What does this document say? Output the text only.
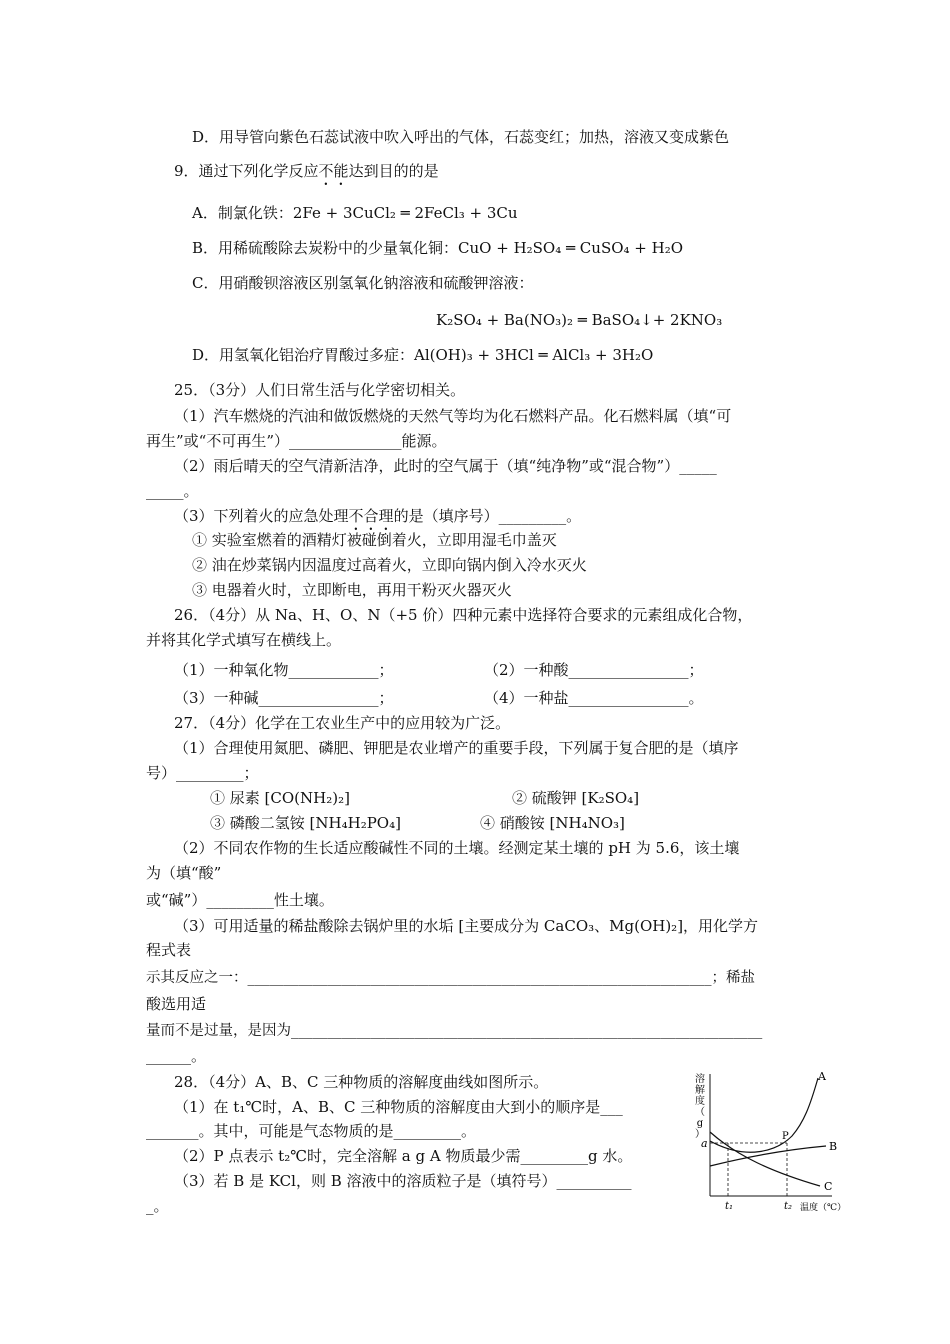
D．用导管向紫色石蕊试液中吹入呼出的气体，石蕊变红；加热，溶液又变成紫色
9．通过下列化学反应不能达到目的的是
A．制氯化铁：2Fe + 3CuCl₂ ═ 2FeCl₃ + 3Cu
B．用稀硫酸除去炭粉中的少量氧化铜：CuO + H₂SO₄ ═ CuSO₄ + H₂O
C．用硝酸钡溶液区别氢氧化钠溶液和硫酸钾溶液：
K₂SO₄ + Ba(NO₃)₂ ═ BaSO₄↓+ 2KNO₃
D．用氢氧化铝治疗胃酸过多症：Al(OH)₃ + 3HCl ═ AlCl₃ + 3H₂O
25．（3分）人们日常生活与化学密切相关。
（1）汽车燃烧的汽油和做饭燃烧的天然气等均为化石燃料产品。化石燃料属（填“可
再生”或“不可再生”）_______________能源。
（2）雨后晴天的空气清新洁净，此时的空气属于（填“纯净物”或“混合物”）_____
_____。
（3）下列着火的应急处理不合理的是（填序号）_________。
① 实验室燃着的酒精灯被碰倒着火，立即用湿毛巾盖灭
② 油在炒菜锅内因温度过高着火，立即向锅内倒入冷水灭火
③ 电器着火时，立即断电，再用干粉灭火器灭火
26．（4分）从 Na、H、O、N（+5 价）四种元素中选择符合要求的元素组成化合物，
并将其化学式填写在横线上。
（1）一种氧化物____________；	（2）一种酸________________；
（3）一种碱________________；	（4）一种盐________________。
27．（4分）化学在工农业生产中的应用较为广泛。
（1）合理使用氮肥、磷肥、钾肥是农业增产的重要手段，下列属于复合肥的是（填序
号）_________；
① 尿素 [CO(NH₂)₂]	② 硫酸钾 [K₂SO₄]
③ 磷酸二氢铵 [NH₄H₂PO₄]	④ 硝酸铵 [NH₄NO₃]
（2）不同农作物的生长适应酸碱性不同的土壤。经测定某土壤的 pH 为 5.6，该土壤
为（填“酸”
或“碱”）_________性土壤。
（3）可用适量的稀盐酸除去锅炉里的水垢 [主要成分为 CaCO₃、Mg(OH)₂]，用化学方
程式表
示其反应之一：________________________________________________________________；稀盐
酸选用适
量而不是过量，是因为_________________________________________________________________
______。
28．（4分）A、B、C 三种物质的溶解度曲线如图所示。
（1）在 t₁℃时，A、B、C 三种物质的溶解度由大到小的顺序是___
_______。其中，可能是气态物质的是_________。
（2）P 点表示 t₂℃时，完全溶解 a g A 物质最少需_________g 水。
（3）若 B 是 KCl，则 B 溶液中的溶质粒子是（填符号）__________
_。
溶解度（ g ）
A
B
C
P
a
t₁	t₂ 温度（℃）
